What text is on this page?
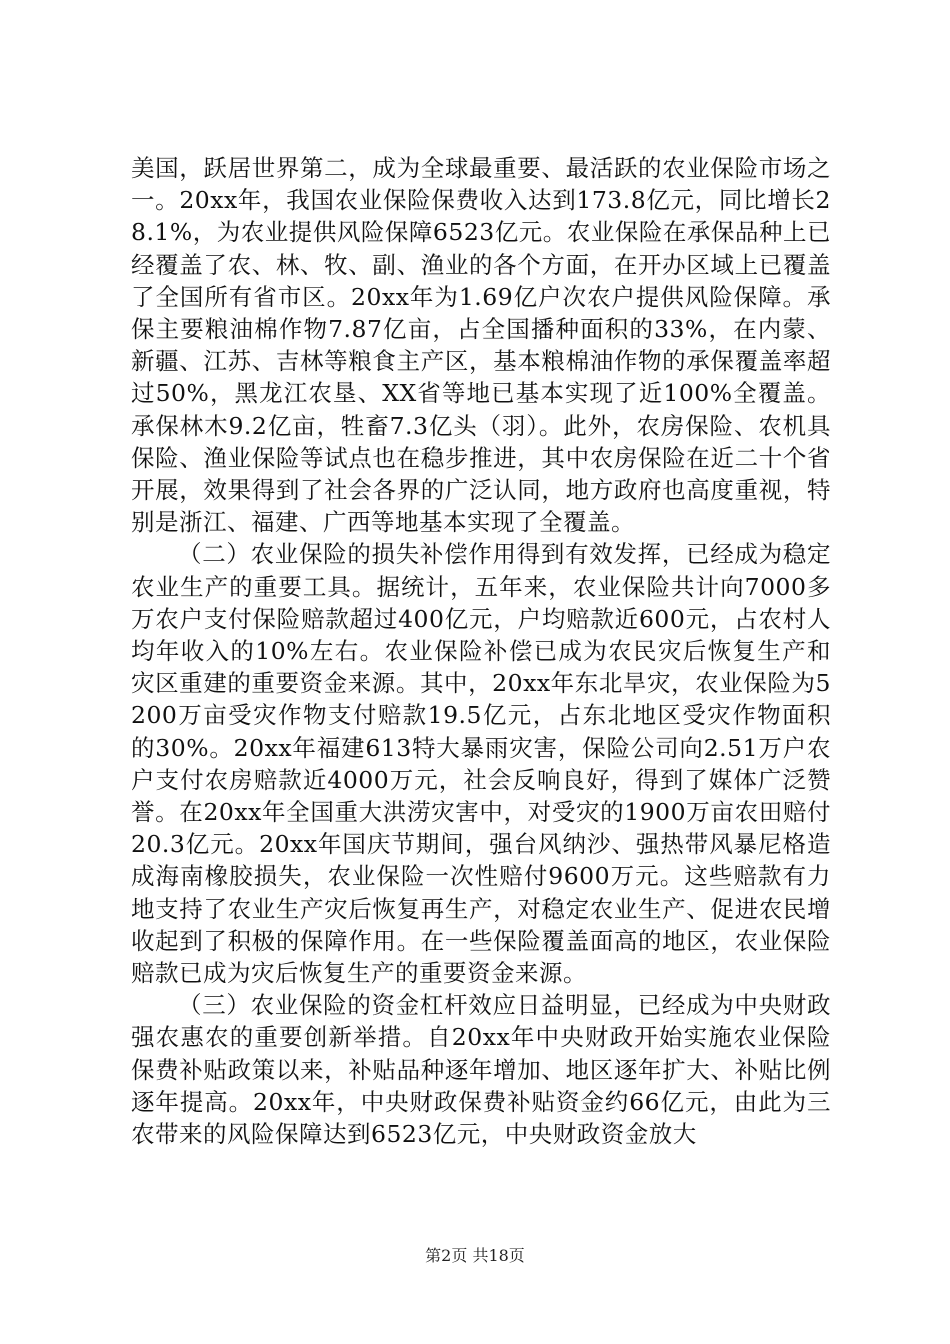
美国，跃居世界第二，成为全球最重要、最活跃的农业保险市场之一。20xx年，我国农业保险保费收入达到173.8亿元，同比增长28.1%，为农业提供风险保障6523亿元。农业保险在承保品种上已经覆盖了农、林、牧、副、渔业的各个方面，在开办区域上已覆盖了全国所有省市区。20xx年为1.69亿户次农户提供风险保障。承保主要粮油棉作物7.87亿亩，占全国播种面积的33%，在内蒙、新疆、江苏、吉林等粮食主产区，基本粮棉油作物的承保覆盖率超过50%，黑龙江农垦、XX省等地已基本实现了近100%全覆盖。承保林木9.2亿亩，牲畜7.3亿头（羽）。此外，农房保险、农机具保险、渔业保险等试点也在稳步推进，其中农房保险在近二十个省开展，效果得到了社会各界的广泛认同，地方政府也高度重视，特别是浙江、福建、广西等地基本实现了全覆盖。

（二）农业保险的损失补偿作用得到有效发挥，已经成为稳定农业生产的重要工具。据统计，五年来，农业保险共计向7000多万农户支付保险赔款超过400亿元，户均赔款近600元，占农村人均年收入的10%左右。农业保险补偿已成为农民灾后恢复生产和灾区重建的重要资金来源。其中，20xx年东北旱灾，农业保险为5200万亩受灾作物支付赔款19.5亿元，占东北地区受灾作物面积的30%。20xx年福建613特大暴雨灾害，保险公司向2.51万户农户支付农房赔款近4000万元，社会反响良好，得到了媒体广泛赞誉。在20xx年全国重大洪涝灾害中，对受灾的1900万亩农田赔付20.3亿元。20xx年国庆节期间，强台风纳沙、强热带风暴尼格造成海南橡胶损失，农业保险一次性赔付9600万元。这些赔款有力地支持了农业生产灾后恢复再生产，对稳定农业生产、促进农民增收起到了积极的保障作用。在一些保险覆盖面高的地区，农业保险赔款已成为灾后恢复生产的重要资金来源。

（三）农业保险的资金杠杆效应日益明显，已经成为中央财政强农惠农的重要创新举措。自20xx年中央财政开始实施农业保险保费补贴政策以来，补贴品种逐年增加、地区逐年扩大、补贴比例逐年提高。20xx年，中央财政保费补贴资金约66亿元，由此为三农带来的风险保障达到6523亿元，中央财政资金放大

第2页 共18页
